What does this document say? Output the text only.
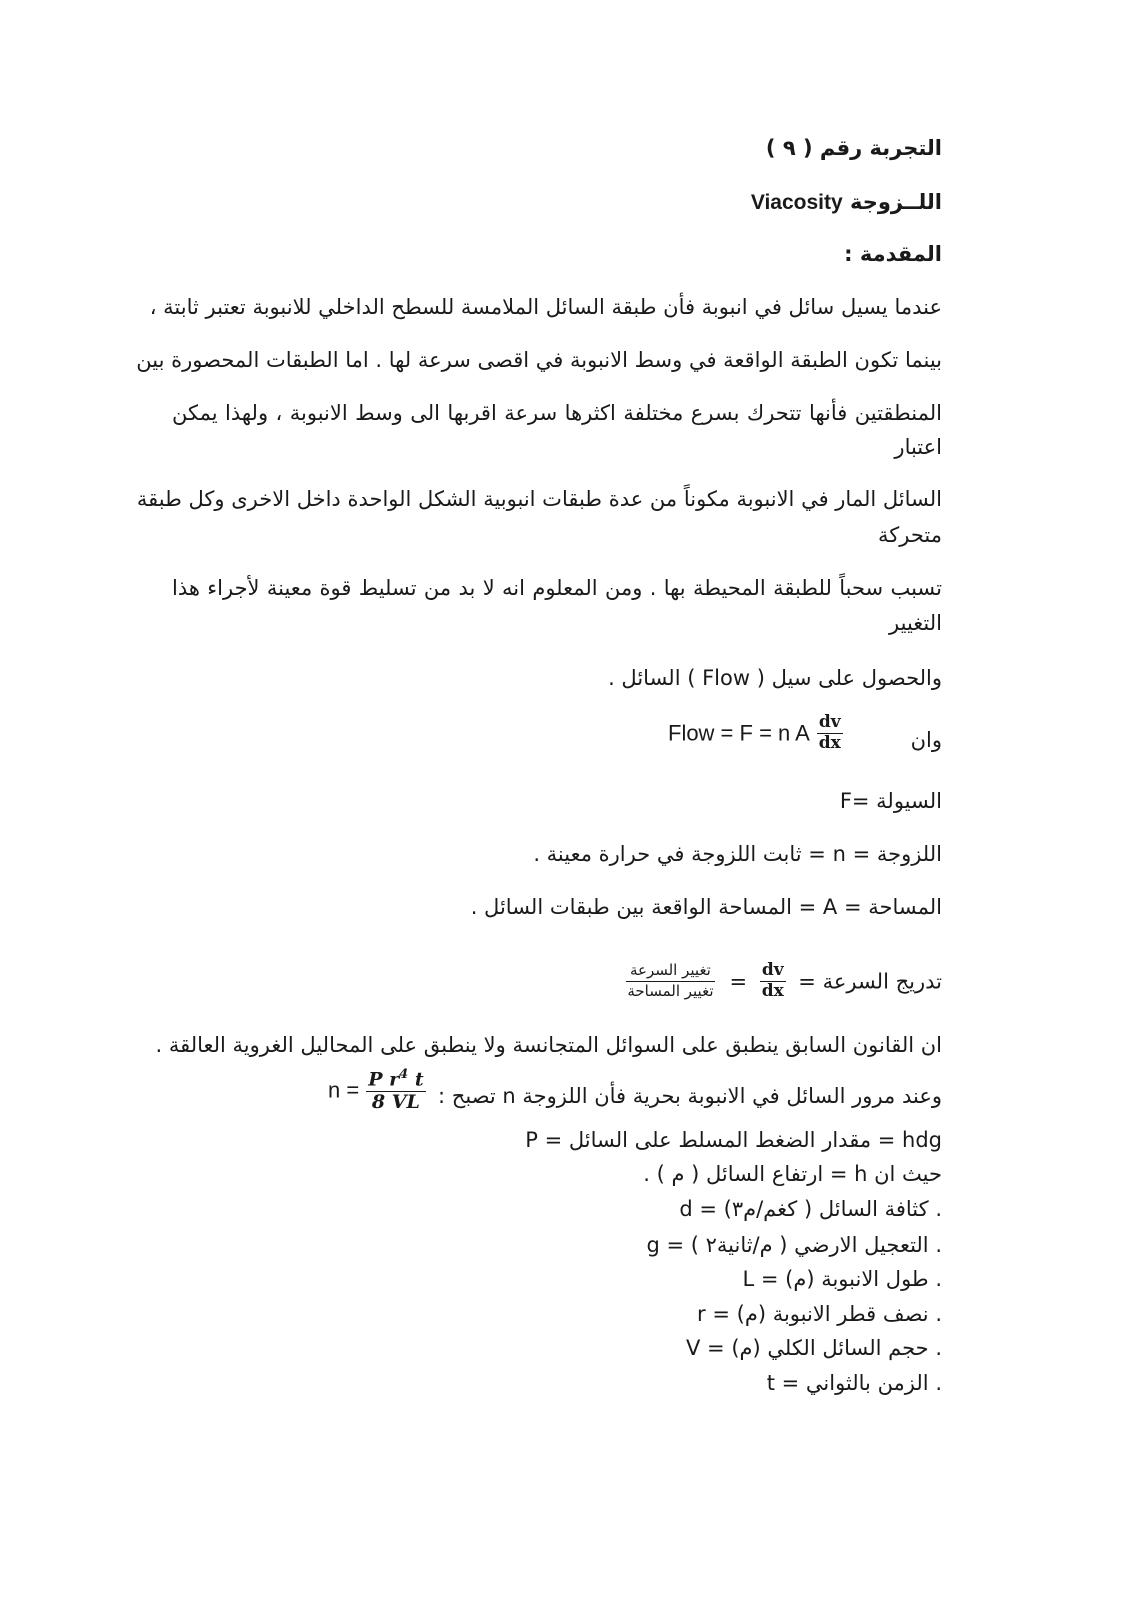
التجربة رقم ( ٩ )
اللــزوجة Viacosity
المقدمة :
عندما يسيل سائل في انبوبة فأن طبقة السائل الملامسة للسطح الداخلي للانبوبة تعتبر ثابتة ،
بينما تكون الطبقة الواقعة في وسط الانبوبة في اقصى سرعة لها . اما الطبقات المحصورة بين
المنطقتين فأنها تتحرك بسرع مختلفة اكثرها سرعة اقربها الى وسط الانبوبة ، ولهذا يمكن
اعتبار
السائل المار في الانبوبة مكوناً من عدة طبقات انبوبية الشكل الواحدة داخل الاخرى وكل طبقة
متحركة
تسبب سحباً للطبقة المحيطة بها . ومن المعلوم انه لا بد من تسليط قوة معينة لأجراء هذا
التغيير
والحصول على سيل ( Flow ) السائل .
وان
Flow = F = n A $\frac{dv}{dx}$
السيولة =F
اللزوجة = n = ثابت اللزوجة في حرارة معينة .
المساحة = A = المساحة الواقعة بين طبقات السائل .
تدريج السرعة =
$\frac{dv}{dx}$
=
$\frac{\text{تغيير السرعة}}{\text{تغيير المساحة}}$
ان القانون السابق ينطبق على السوائل المتجانسة ولا ينطبق على المحاليل الغروية العالقة .
وعند مرور السائل في الانبوبة بحرية فأن اللزوجة n تصبح :
$n = \frac{P r^4 t}{8 VL}$
P = مقدار الضغط المسلط على السائل = hdg
حيث ان h = ارتفاع السائل ( م ) .
d = كثافة السائل ( كغم/م٣) .
g = التعجيل الارضي ( م/ثانية٢ ) .
L = طول الانبوبة (م) .
r = نصف قطر الانبوبة (م) .
V = حجم السائل الكلي (م) .
t = الزمن بالثواني .
